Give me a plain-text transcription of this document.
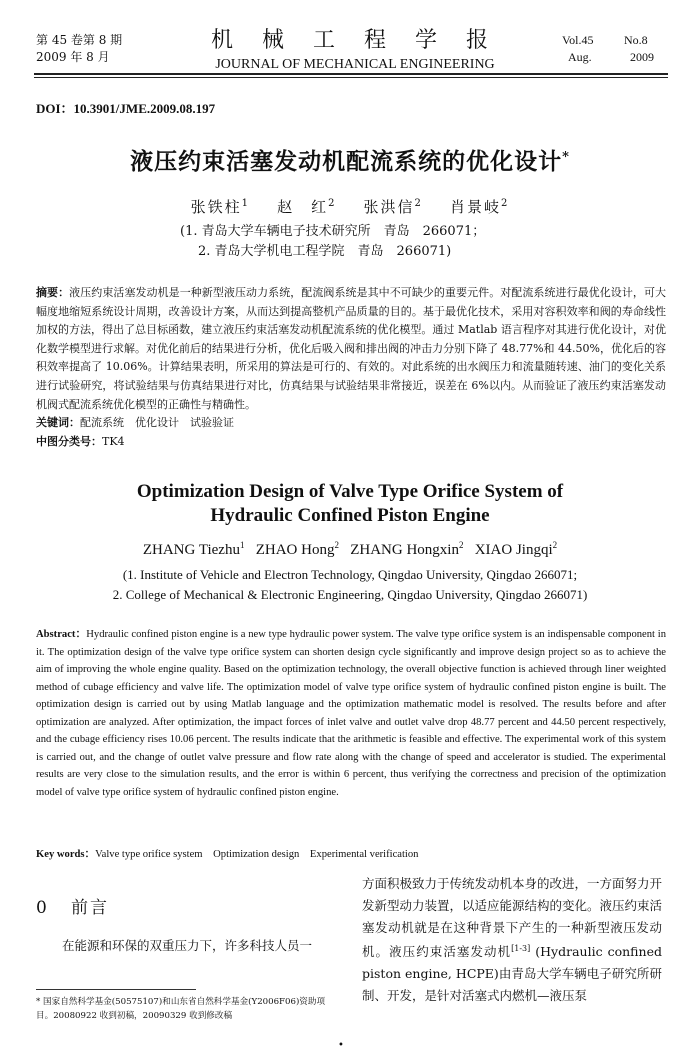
第 45 卷第 8 期
2009 年 8 月
机 械 工 程 学 报
JOURNAL OF MECHANICAL ENGINEERING
Vol.45	No.8
Aug.	2009
DOI：10.3901/JME.2009.08.197
液压约束活塞发动机配流系统的优化设计*
张铁柱$^1$ 赵　红$^2$ 张洪信$^2$ 肖景岐$^2$
(1. 青岛大学车辆电子技术研究所　青岛　266071；
2. 青岛大学机电工程学院　青岛　266071)
摘要：液压约束活塞发动机是一种新型液压动力系统，配流阀系统是其中不可缺少的重要元件。对配流系统进行最优化设计，可大幅度地缩短系统设计周期，改善设计方案，从而达到提高整机产品质量的目的。基于最优化技术，采用对容积效率和阀的寿命线性加权的方法，得出了总目标函数，建立液压约束活塞发动机配流系统的优化模型。通过 Matlab 语言程序对其进行优化设计，对优化数学模型进行求解。对优化前后的结果进行分析，优化后吸入阀和排出阀的冲击力分别下降了 48.77%和 44.50%，优化后的容积效率提高了 10.06%。计算结果表明，所采用的算法是可行的、有效的。对此系统的出水阀压力和流量随转速、油门的变化关系进行试验研究，将试验结果与仿真结果进行对比，仿真结果与试验结果非常接近，误差在 6%以内。从而验证了液压约束活塞发动机阀式配流系统优化模型的正确性与精确性。
关键词：配流系统　优化设计　试验验证
中图分类号：TK4
Optimization Design of Valve Type Orifice System of
Hydraulic Confined Piston Engine
ZHANG Tiezhu$^1$ ZHAO Hong$^2$ ZHANG Hongxin$^2$ XIAO Jingqi$^2$
(1. Institute of Vehicle and Electron Technology, Qingdao University, Qingdao 266071;
2. College of Mechanical & Electronic Engineering, Qingdao University, Qingdao 266071)
Abstract：Hydraulic confined piston engine is a new type hydraulic power system. The valve type orifice system is an indispensable component in it. The optimization design of the valve type orifice system can shorten design cycle significantly and improve design project so as to achieve the aim of improving the whole engine quality. Based on the optimization technology, the overall objective function is achieved through liner weighted method of cubage efficiency and valve life. The optimization model of valve type orifice system of hydraulic confined piston engine is built. The optimization design is carried out by using Matlab language and the optimization mathematic model is resolved. The results before and after optimization are analyzed. After optimization, the impact forces of inlet valve and outlet valve drop 48.77 percent and 44.50 percent respectively, and the cubage efficiency rises 10.06 percent. The results indicate that the arithmetic is feasible and effective. The experimental work of this system is carried out, and the change of outlet valve pressure and flow rate along with the change of speed and accelerator is studied. The experimental results are very close to the simulation results, and the error is within 6 percent, thus verifying the correctness and precision of the optimization model of valve type orifice system of hydraulic confined piston engine.
Key words：Valve type orifice system　Optimization design　Experimental verification
0 前言
在能源和环保的双重压力下，许多科技人员一
* 国家自然科学基金(50575107)和山东省自然科学基金(Y2006F06)资助项目。20080922 收到初稿，20090329 收到修改稿
方面积极致力于传统发动机本身的改进，一方面努力开发新型动力装置，以适应能源结构的变化。液压约束活塞发动机就是在这种背景下产生的一种新型液压发动机。液压约束活塞发动机[1-3] (Hydraulic confined piston engine, HCPE)由青岛大学车辆电子研究所研制、开发，是针对活塞式内燃机—液压泵
•
